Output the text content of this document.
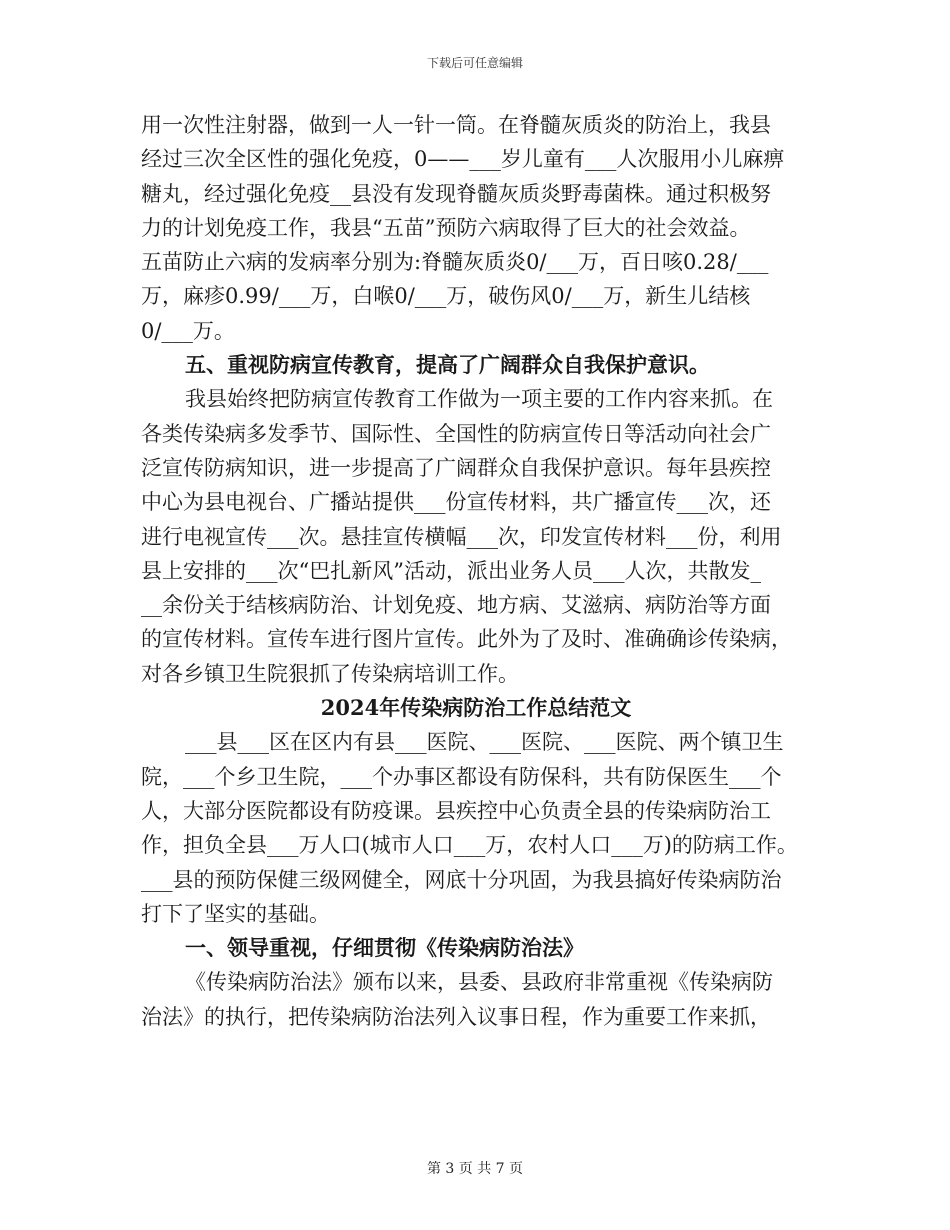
下载后可任意编辑

用一次性注射器，做到一人一针一筒。在脊髓灰质炎的防治上，我县
经过三次全区性的强化免疫，0——___岁儿童有___人次服用小儿麻痹
糖丸，经过强化免疫__县没有发现脊髓灰质炎野毒菌株。通过积极努
力的计划免疫工作，我县“五苗”预防六病取得了巨大的社会效益。
五苗防止六病的发病率分别为:脊髓灰质炎0/___万，百日咳0.28/___
万，麻疹0.99/___万，白喉0/___万，破伤风0/___万，新生儿结核
0/___万。

五、重视防病宣传教育，提高了广阔群众自我保护意识。

我县始终把防病宣传教育工作做为一项主要的工作内容来抓。在
各类传染病多发季节、国际性、全国性的防病宣传日等活动向社会广
泛宣传防病知识，进一步提高了广阔群众自我保护意识。每年县疾控
中心为县电视台、广播站提供___份宣传材料，共广播宣传___次，还
进行电视宣传___次。悬挂宣传横幅___次，印发宣传材料___份，利用
县上安排的___次“巴扎新风”活动，派出业务人员___人次，共散发_
__余份关于结核病防治、计划免疫、地方病、艾滋病、病防治等方面
的宣传材料。宣传车进行图片宣传。此外为了及时、准确确诊传染病，
对各乡镇卫生院狠抓了传染病培训工作。

2024年传染病防治工作总结范文

___县___区在区内有县___医院、___医院、___医院、两个镇卫生
院，___个乡卫生院，___个办事区都设有防保科，共有防保医生___个
人，大部分医院都设有防疫课。县疾控中心负责全县的传染病防治工
作，担负全县___万人口(城市人口___万，农村人口___万)的防病工作。
___县的预防保健三级网健全，网底十分巩固，为我县搞好传染病防治
打下了坚实的基础。

一、领导重视，仔细贯彻《传染病防治法》

《传染病防治法》颁布以来，县委、县政府非常重视《传染病防
治法》的执行，把传染病防治法列入议事日程，作为重要工作来抓，

第 3 页 共 7 页
